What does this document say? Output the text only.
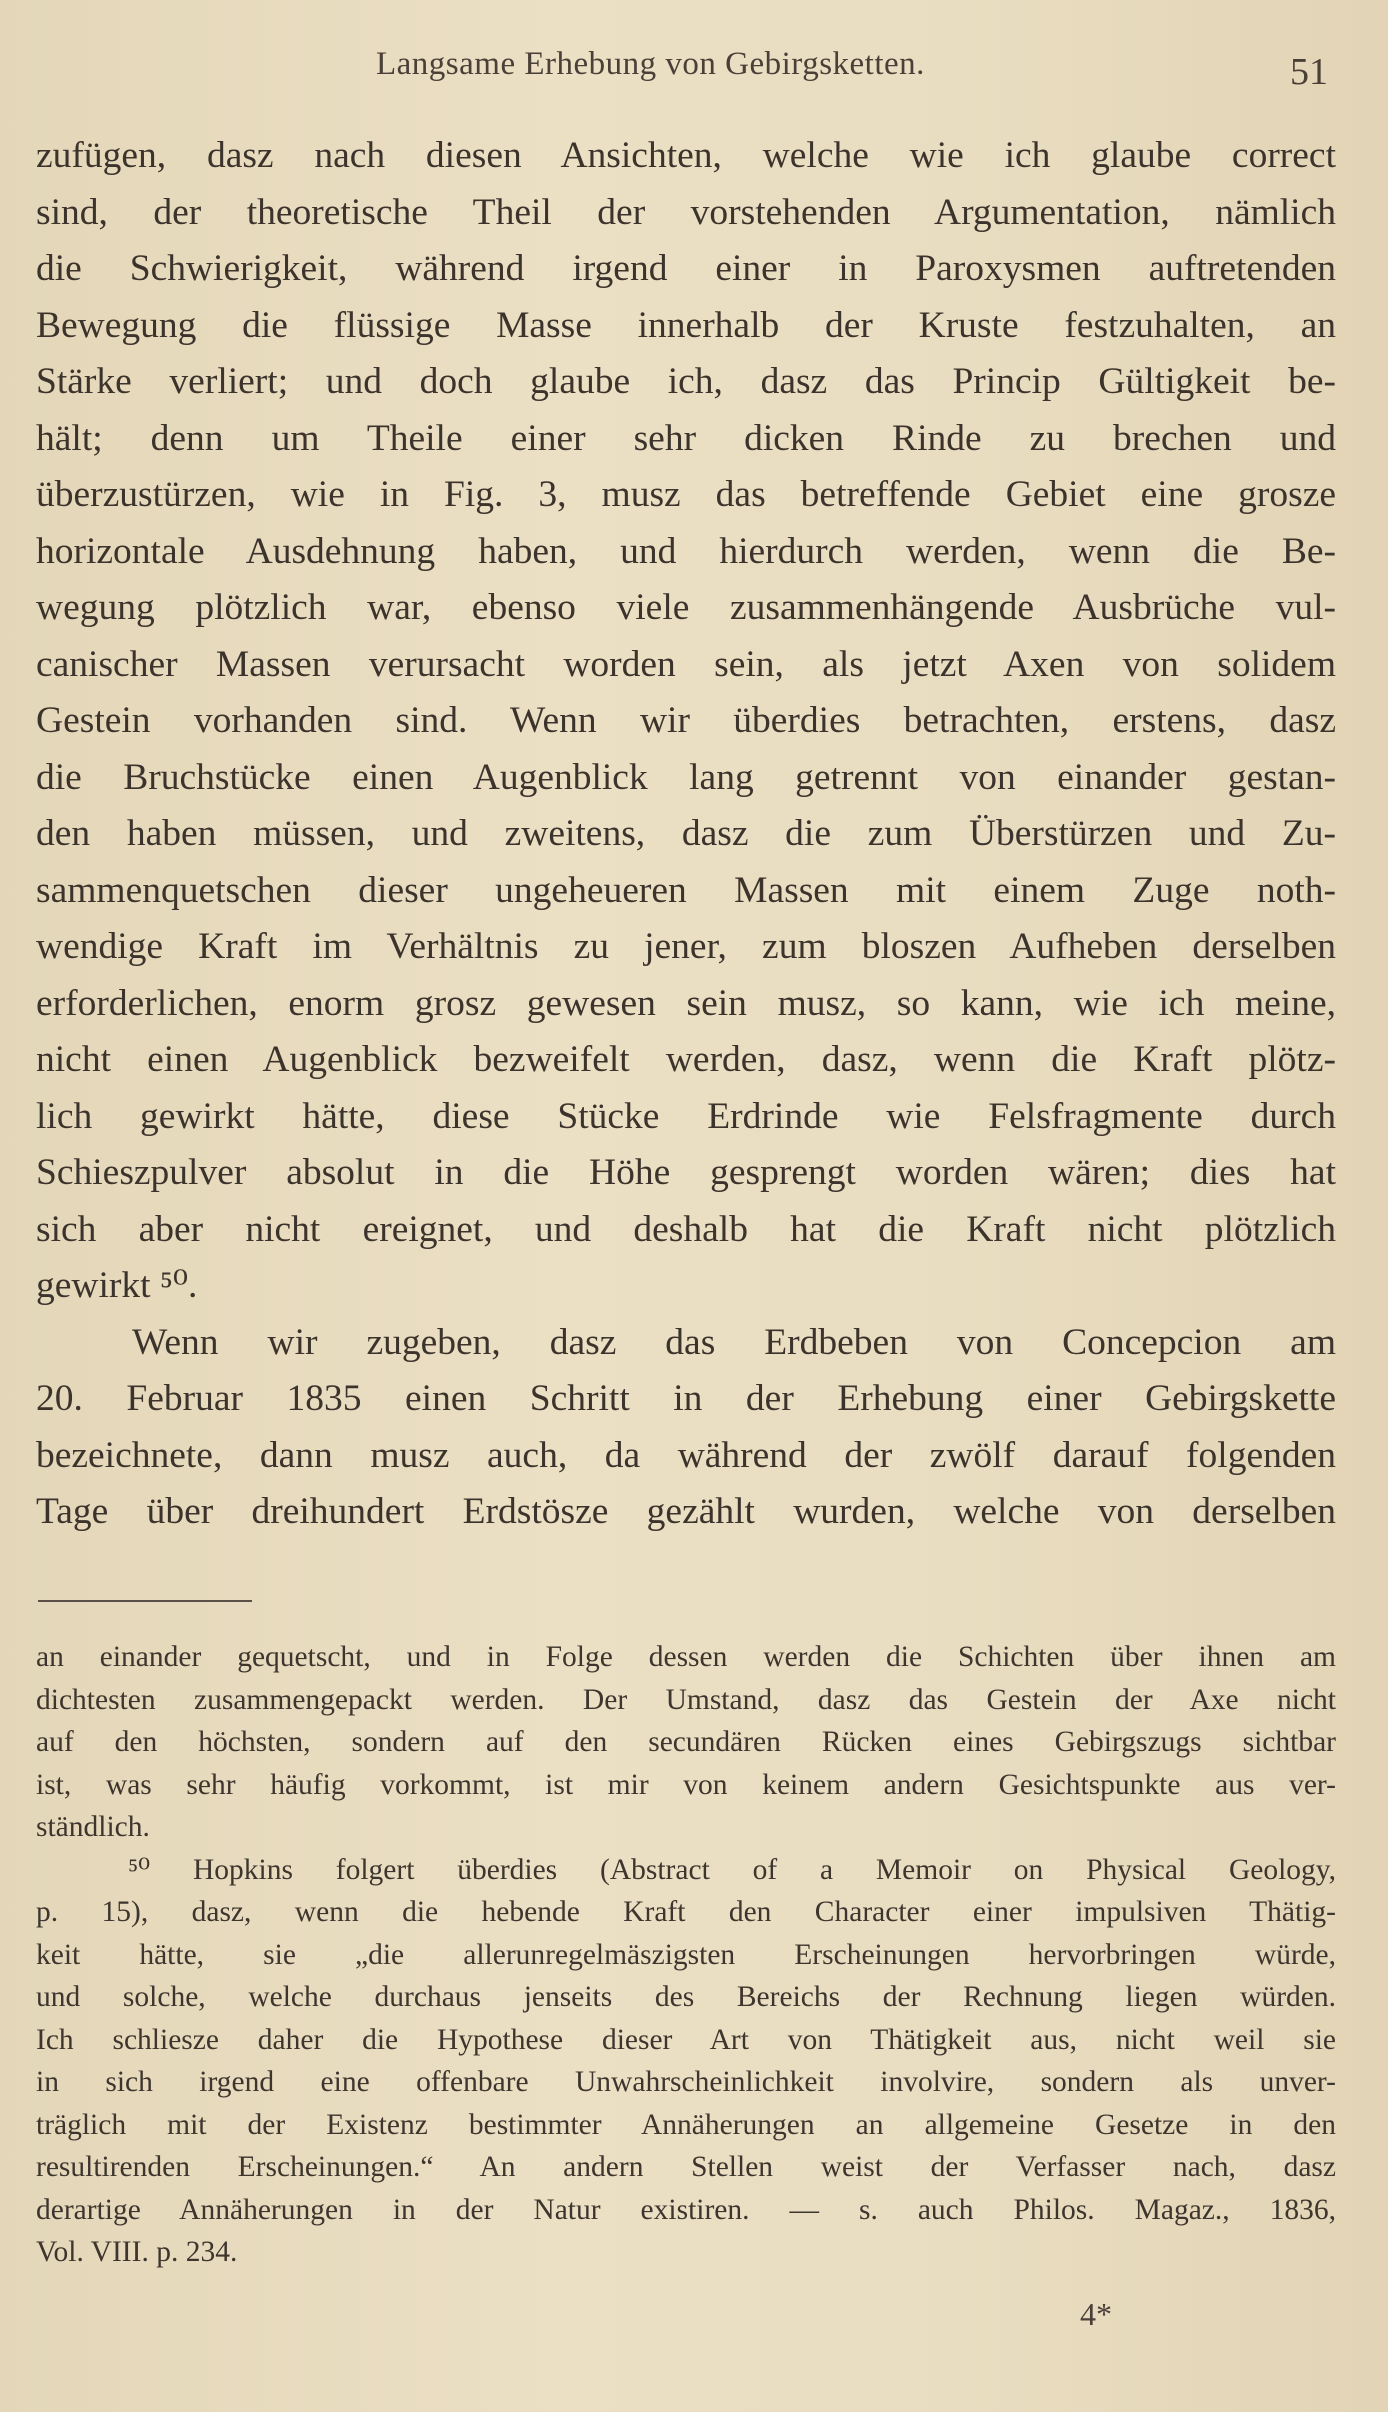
Langsame Erhebung von Gebirgsketten.	51
zufügen, dasz nach diesen Ansichten, welche wie ich glaube correct
sind, der theoretische Theil der vorstehenden Argumentation, nämlich
die Schwierigkeit, während irgend einer in Paroxysmen auftretenden
Bewegung die flüssige Masse innerhalb der Kruste festzuhalten, an
Stärke verliert; und doch glaube ich, dasz das Princip Gültigkeit be-
hält; denn um Theile einer sehr dicken Rinde zu brechen und
überzustürzen, wie in Fig. 3, musz das betreffende Gebiet eine grosze
horizontale Ausdehnung haben, und hierdurch werden, wenn die Be-
wegung plötzlich war, ebenso viele zusammenhängende Ausbrüche vul-
canischer Massen verursacht worden sein, als jetzt Axen von solidem
Gestein vorhanden sind. Wenn wir überdies betrachten, erstens, dasz
die Bruchstücke einen Augenblick lang getrennt von einander gestan-
den haben müssen, und zweitens, dasz die zum Überstürzen und Zu-
sammenquetschen dieser ungeheueren Massen mit einem Zuge noth-
wendige Kraft im Verhältnis zu jener, zum bloszen Aufheben derselben
erforderlichen, enorm grosz gewesen sein musz, so kann, wie ich meine,
nicht einen Augenblick bezweifelt werden, dasz, wenn die Kraft plötz-
lich gewirkt hätte, diese Stücke Erdrinde wie Felsfragmente durch
Schieszpulver absolut in die Höhe gesprengt worden wären; dies hat
sich aber nicht ereignet, und deshalb hat die Kraft nicht plötzlich
gewirkt ⁵⁰.
Wenn wir zugeben, dasz das Erdbeben von Concepcion am
20. Februar 1835 einen Schritt in der Erhebung einer Gebirgskette
bezeichnete, dann musz auch, da während der zwölf darauf folgenden
Tage über dreihundert Erdstösze gezählt wurden, welche von derselben
an einander gequetscht, und in Folge dessen werden die Schichten über ihnen am
dichtesten zusammengepackt werden. Der Umstand, dasz das Gestein der Axe nicht
auf den höchsten, sondern auf den secundären Rücken eines Gebirgszugs sichtbar
ist, was sehr häufig vorkommt, ist mir von keinem andern Gesichtspunkte aus ver-
ständlich.
⁵⁰ Hopkins folgert überdies (Abstract of a Memoir on Physical Geology,
p. 15), dasz, wenn die hebende Kraft den Character einer impulsiven Thätig-
keit hätte, sie „die allerunregelmäszigsten Erscheinungen hervorbringen würde,
und solche, welche durchaus jenseits des Bereichs der Rechnung liegen würden.
Ich schliesze daher die Hypothese dieser Art von Thätigkeit aus, nicht weil sie
in sich irgend eine offenbare Unwahrscheinlichkeit involvire, sondern als unver-
träglich mit der Existenz bestimmter Annäherungen an allgemeine Gesetze in den
resultirenden Erscheinungen.“ An andern Stellen weist der Verfasser nach, dasz
derartige Annäherungen in der Natur existiren. — s. auch Philos. Magaz., 1836,
Vol. VIII. p. 234.
4*
